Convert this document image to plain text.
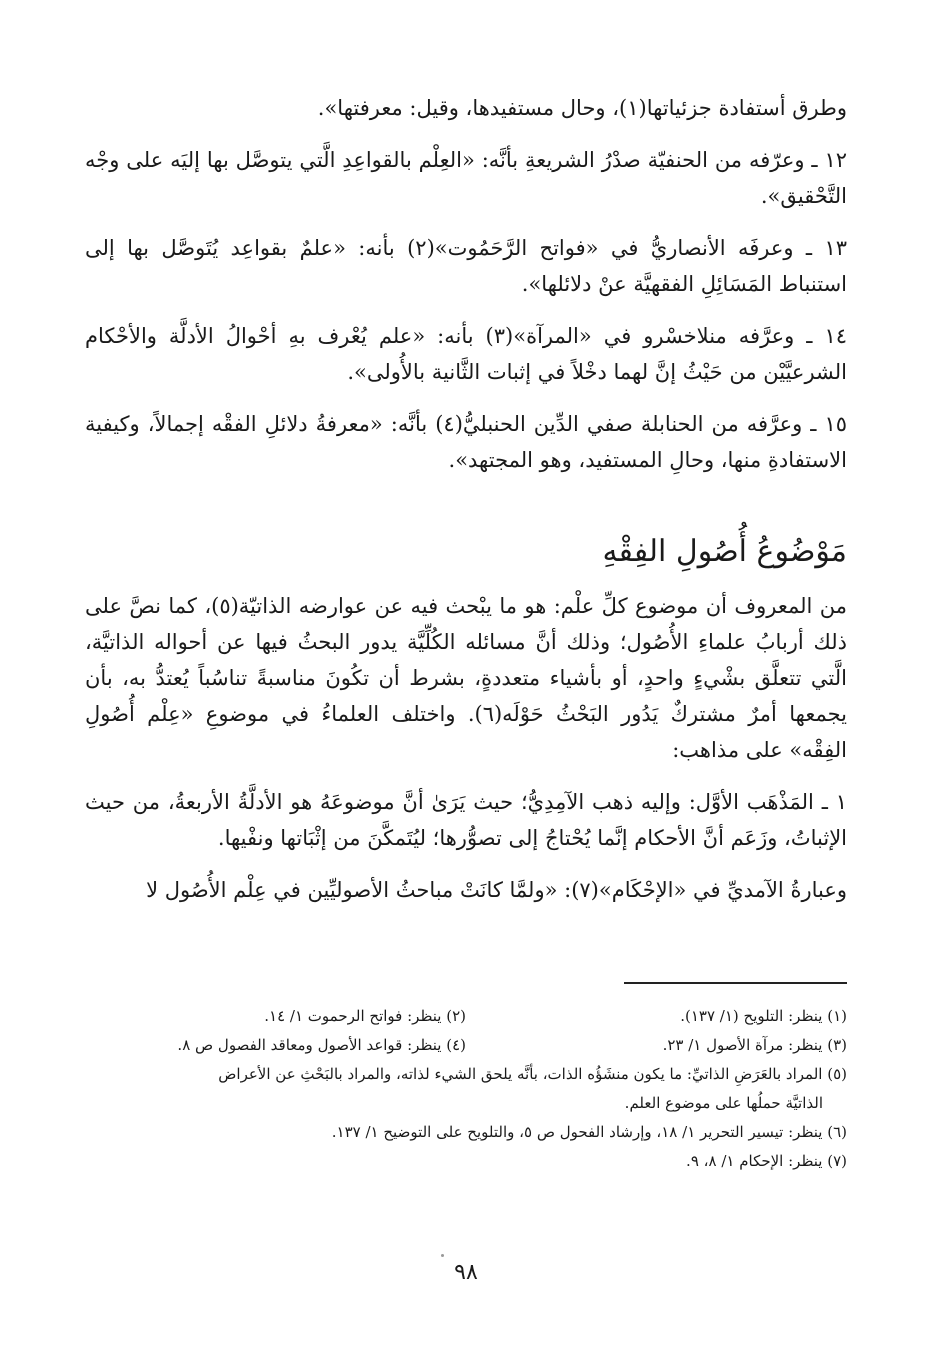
وطرق أستفادة جزئياتها(١)، وحال مستفيدها، وقيل: معرفتها».

١٢ ـ وعرّفه من الحنفيّة صدْرُ الشريعةِ بأنَّه: «العِلْم بالقواعِدِ الَّتي يتوصَّل بها إليَه على وجْه التَّحْقيق».

١٣ ـ وعرفَه الأنصاريُّ في «فواتح الرَّحَمُوت»(٢) بأنه: «علمٌ بقواعِد يُتَوصَّل بها إلى استنباط المَسَائِلِ الفقهيَّة عنْ دلائلها».

١٤ ـ وعرَّفه منلاخسْرو في «المرآة»(٣) بأنه: «علم يُعْرف بهِ أحْوالُ الأدلَّة والأحْكام الشرعيَّيْن من حَيْثُ إنَّ لهما دخْلاً في إثبات الثَّانية بالأُولى».

١٥ ـ وعرَّفه من الحنابلة صفي الدِّين الحنبليُّ(٤) بأنَّه: «معرفةُ دلائلِ الفقْه إجمالاً، وكيفية الاستفادةِ منها، وحالِ المستفيد، وهو المجتهد».

مَوْضُوعُ أُصُولِ الفِقْهِ

من المعروف أن موضوع كلِّ علْم: هو ما يبْحث فيه عن عوارضه الذاتيّة(٥)، كما نصَّ على ذلك أربابُ علماءِ الأُصُول؛ وذلك أنَّ مسائله الكُلِّيَّة يدور البحثُ فيها عن أحواله الذاتيَّة، الَّتي تتعلَّق بشْيءٍ واحدٍ، أو بأشياء متعددةٍ، بشرط أن تكُونَ مناسبةً تناسُباً يُعتدُّ به، بأن يجمعها أمرٌ مشتركٌ يَدُور البَحْثُ حَوْلَه(٦). واختلف العلماءُ في موضوعِ «عِلْم أُصُولِ الفِقْه» على مذاهب:

١ ـ المَذْهَب الأوَّل: وإليه ذهب الآمِدِيُّ؛ حيث يَرَىٰ أنَّ موضوعَهُ هو الأدلَّةُ الأربعةُ، من حيث الإثباتُ، وزَعَم أنَّ الأحكام إنَّما يُحْتاجُ إلى تصوُّرها؛ ليُتَمكَّنَ من إثْبَاتها ونفْيها.

وعبارةُ الآمديِّ في «الإحْكَام»(٧): «ولمَّا كانَتْ مباحثُ الأصوليِّين في عِلْم الأُصُول لا

(١) ينظر: التلويح (١/ ١٣٧).
(٢) ينظر: فواتح الرحموت ١/ ١٤.
(٣) ينظر: مرآة الأصول ١/ ٢٣.
(٤) ينظر: قواعد الأصول ومعاقد الفصول ص ٨.
(٥) المراد بالعَرَضِ الذاتيِّ: ما يكون منشَؤُه الذات، بأنَّه يلحق الشيء لذاته، والمراد بالبَحْثِ عن الأعراض
الذاتيَّة حملُها على موضوع العلم.
(٦) ينظر: تيسير التحرير ١/ ١٨، وإرشاد الفحول ص ٥، والتلويح على التوضيح ١/ ١٣٧.
(٧) ينظر: الإحكام ١/ ٨، ٩.
٩٨
